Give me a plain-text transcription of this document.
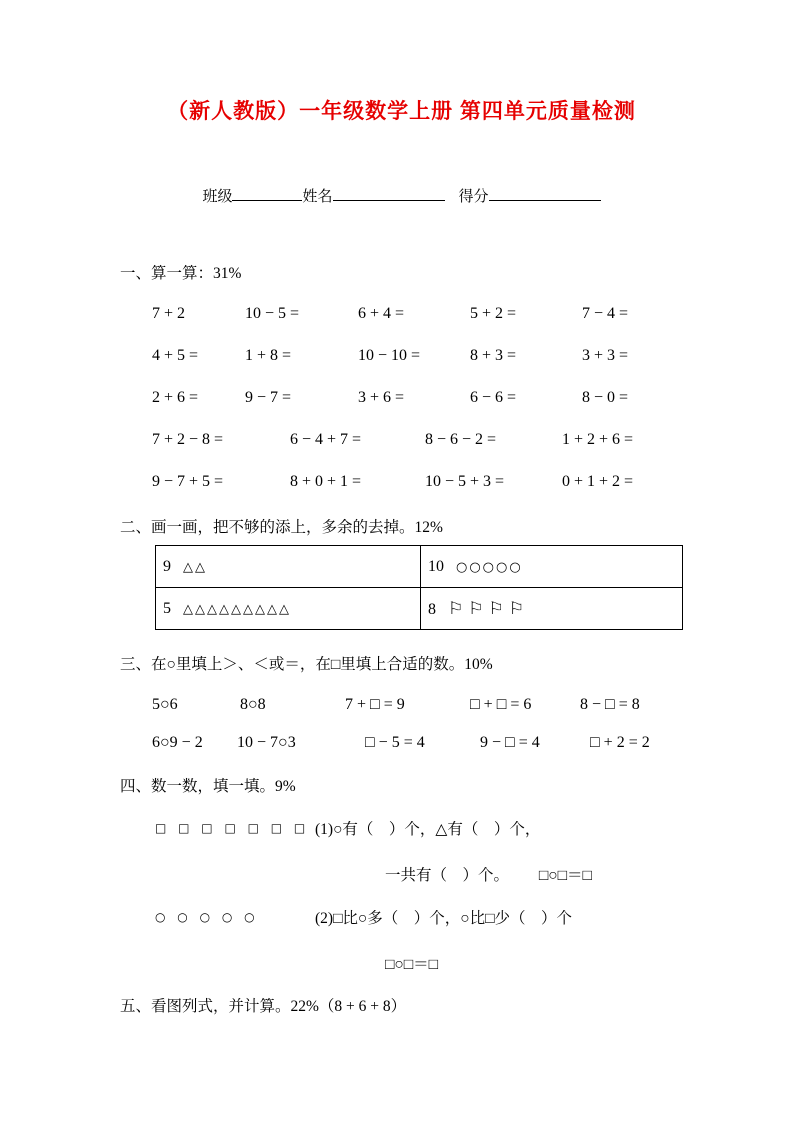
（新人教版）一年级数学上册 第四单元质量检测
班级	姓名	得分
一、算一算：31%
7 + 2	10 − 5 =	6 + 4 =	5 + 2 =	7 − 4 =
4 + 5 =	1 + 8 =	10 − 10 =	8 + 3 =	3 + 3 =
2 + 6 =	9 − 7 =	3 + 6 =	6 − 6 =	8 − 0 =
7 + 2 − 8 =	6 − 4 + 7 =	8 − 6 − 2 =	1 + 2 + 6 =
9 − 7 + 5 =	8 + 0 + 1 =	10 − 5 + 3 =	0 + 1 + 2 =
二、画一画，把不够的添上，多余的去掉。12%
9 △△	10 ○○○○○
5 △△△△△△△△△	8 ⚐⚐⚐⚐
三、在○里填上＞、＜或＝，在□里填上合适的数。10%
5○6	8○8	7 + □ = 9	□ + □ = 6	8 − □ = 8
6○9 − 2	10 − 7○3	□ − 5 = 4	9 − □ = 4	□ + 2 = 2
四、数一数，填一填。9%
□ □ □ □ □ □ □ (1)○有（　）个，△有（　）个，
一共有（　）个。 □○□＝□
○ ○ ○ ○ ○	(2)□比○多（　）个，○比□少（　）个
□○□＝□
五、看图列式，并计算。22%（8 + 6 + 8）
